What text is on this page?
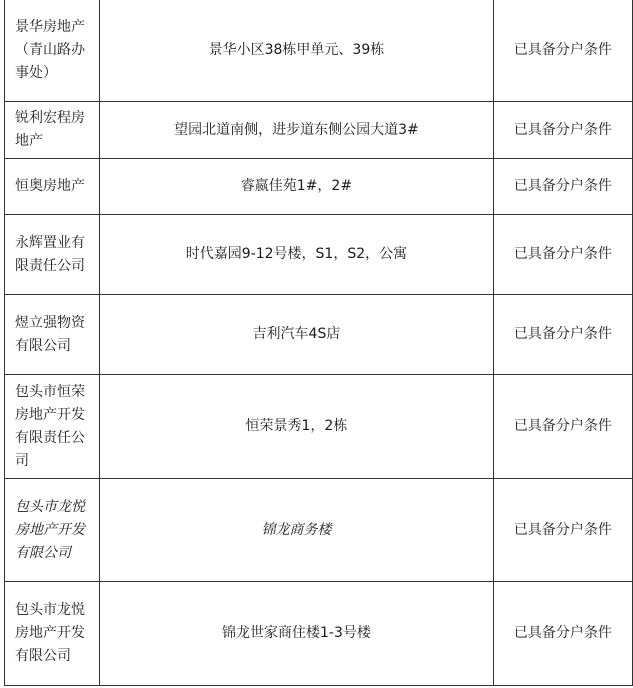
景华房地产（青山路办事处）	景华小区38栋甲单元、39栋	已具备分户条件
锐利宏程房地产	望园北道南侧，进步道东侧公园大道3#	已具备分户条件
恒奥房地产	睿嬴佳苑1#，2#	已具备分户条件
永辉置业有限责任公司	时代嘉园9-12号楼，S1，S2，公寓	已具备分户条件
煜立强物资有限公司	吉利汽车4S店	已具备分户条件
包头市恒荣房地产开发有限责任公司	恒荣景秀1，2栋	已具备分户条件
包头市龙悦房地产开发有限公司	锦龙商务楼	已具备分户条件
包头市龙悦房地产开发有限公司	锦龙世家商住楼1-3号楼	已具备分户条件
